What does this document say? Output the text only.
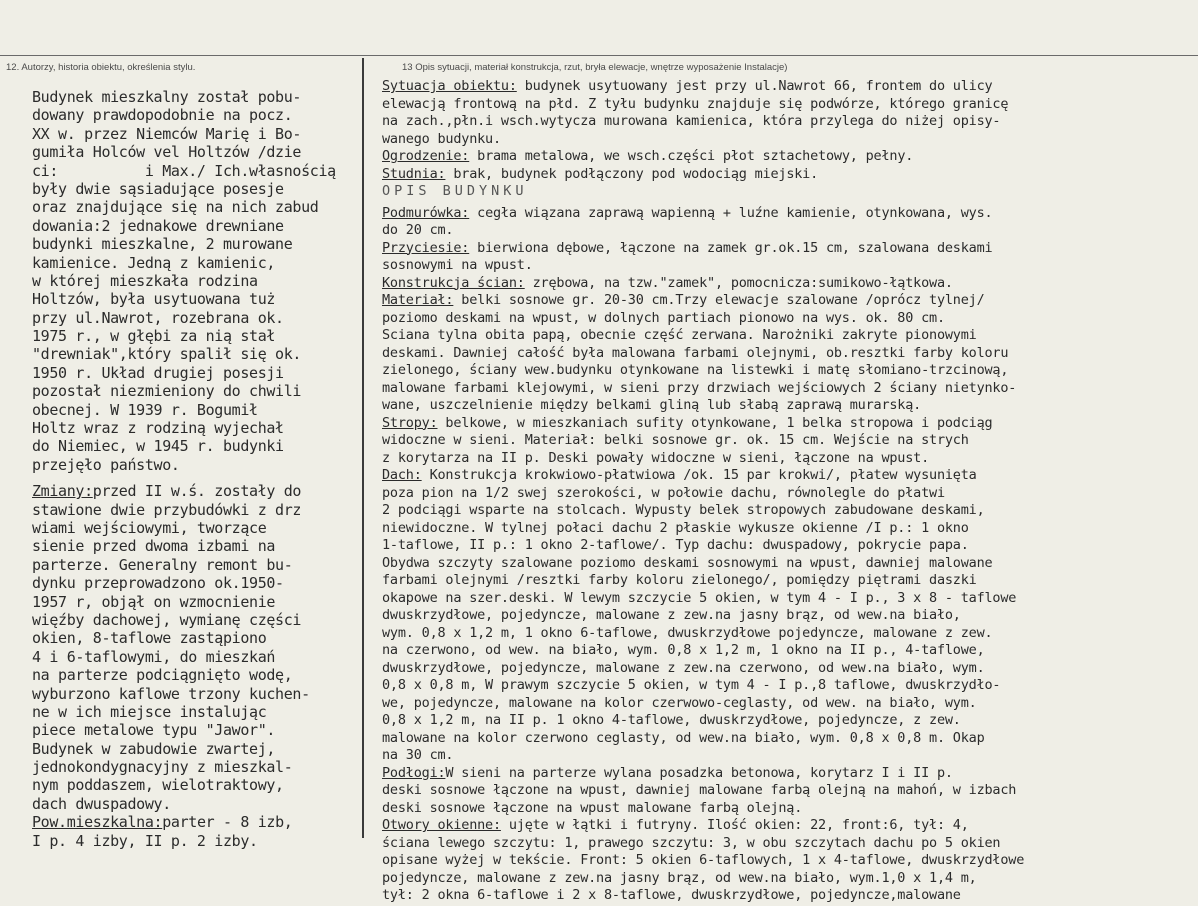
12. Autorzy, historia obiektu, określenia stylu.	13 Opis sytuacji, materiał konstrukcja, rzut, bryła elewacje, wnętrze wyposażenie Instalacje)
Budynek mieszkalny został pobu-
dowany prawdopodobnie na pocz.
XX w. przez Niemców Marię i Bo-
gumiła Holców vel Holtzów /dzie
ci:          i Max./ Ich.własnością
były dwie sąsiadujące posesje
oraz znajdujące się na nich zabud
dowania:2 jednakowe drewniane
budynki mieszkalne, 2 murowane
kamienice. Jedną z kamienic,
w której mieszkała rodzina
Holtzów, była usytuowana tuż
przy ul.Nawrot, rozebrana ok.
1975 r., w głębi za nią stał
"drewniak",który spalił się ok.
1950 r. Układ drugiej posesji
pozostał niezmieniony do chwili
obecnej. W 1939 r. Bogumił
Holtz wraz z rodziną wyjechał
do Niemiec, w 1945 r. budynki
przejęło państwo.
Zmiany:przed II w.ś. zostały do
stawione dwie przybudówki z drz
wiami wejściowymi, tworzące
sienie przed dwoma izbami na
parterze. Generalny remont bu-
dynku przeprowadzono ok.1950-
1957 r, objął on wzmocnienie
więźby dachowej, wymianę części
okien, 8-taflowe zastąpiono
4 i 6-taflowymi, do mieszkań
na parterze podciągnięto wodę,
wyburzono kaflowe trzony kuchen-
ne w ich miejsce instalując
piece metalowe typu "Jawor".
Budynek w zabudowie zwartej,
jednokondygnacyjny z mieszkal-
nym poddaszem, wielotraktowy,
dach dwuspadowy.
Pow.mieszkalna:parter - 8 izb,
I p. 4 izby, II p. 2 izby.
Sytuacja obiektu: budynek usytuowany jest przy ul.Nawrot 66, frontem do ulicy
elewacją frontową na płd. Z tyłu budynku znajduje się podwórze, którego granicę
na zach.,płn.i wsch.wytycza murowana kamienica, która przylega do niżej opisy-
wanego budynku.
Ogrodzenie: brama metalowa, we wsch.części płot sztachetowy, pełny.
Studnia: brak, budynek podłączony pod wodociąg miejski.
OPIS BUDYNKU
Podmurówka: cegła wiązana zaprawą wapienną + luźne kamienie, otynkowana, wys.
do 20 cm.
Przyciesie: bierwiona dębowe, łączone na zamek gr.ok.15 cm, szalowana deskami
sosnowymi na wpust.
Konstrukcja ścian: zrębowa, na tzw."zamek", pomocnicza:sumikowo-łątkowa.
Materiał: belki sosnowe gr. 20-30 cm.Trzy elewacje szalowane /oprócz tylnej/
poziomo deskami na wpust, w dolnych partiach pionowo na wys. ok. 80 cm.
Sciana tylna obita papą, obecnie część zerwana. Narożniki zakryte pionowymi
deskami. Dawniej całość była malowana farbami olejnymi, ob.resztki farby koloru
zielonego, ściany wew.budynku otynkowane na listewki i matę słomiano-trzcinową,
malowane farbami klejowymi, w sieni przy drzwiach wejściowych 2 ściany nietynko-
wane, uszczelnienie między belkami gliną lub słabą zaprawą murarską.
Stropy: belkowe, w mieszkaniach sufity otynkowane, 1 belka stropowa i podciąg
widoczne w sieni. Materiał: belki sosnowe gr. ok. 15 cm. Wejście na strych
z korytarza na II p. Deski powały widoczne w sieni, łączone na wpust.
Dach: Konstrukcja krokwiowo-płatwiowa /ok. 15 par krokwi/, płatew wysunięta
poza pion na 1/2 swej szerokości, w połowie dachu, równolegle do płatwi
2 podciągi wsparte na stolcach. Wypusty belek stropowych zabudowane deskami,
niewidoczne. W tylnej połaci dachu 2 płaskie wykusze okienne /I p.: 1 okno
1-taflowe, II p.: 1 okno 2-taflowe/. Typ dachu: dwuspadowy, pokrycie papa.
Obydwa szczyty szalowane poziomo deskami sosnowymi na wpust, dawniej malowane
farbami olejnymi /resztki farby koloru zielonego/, pomiędzy piętrami daszki
okapowe na szer.deski. W lewym szczycie 5 okien, w tym 4 - I p., 3 x 8 - taflowe
dwuskrzydłowe, pojedyncze, malowane z zew.na jasny brąz, od wew.na biało,
wym. 0,8 x 1,2 m, 1 okno 6-taflowe, dwuskrzydłowe pojedyncze, malowane z zew.
na czerwono, od wew. na biało, wym. 0,8 x 1,2 m, 1 okno na II p., 4-taflowe,
dwuskrzydłowe, pojedyncze, malowane z zew.na czerwono, od wew.na biało, wym.
0,8 x 0,8 m, W prawym szczycie 5 okien, w tym 4 - I p.,8 taflowe, dwuskrzydło-
we, pojedyncze, malowane na kolor czerwowo-ceglasty, od wew. na biało, wym.
0,8 x 1,2 m, na II p. 1 okno 4-taflowe, dwuskrzydłowe, pojedyncze, z zew.
malowane na kolor czerwono ceglasty, od wew.na biało, wym. 0,8 x 0,8 m. Okap
na 30 cm.
Podłogi:W sieni na parterze wylana posadzka betonowa, korytarz I i II p.
deski sosnowe łączone na wpust, dawniej malowane farbą olejną na mahoń, w izbach
deski sosnowe łączone na wpust malowane farbą olejną.
Otwory okienne: ujęte w łątki i futryny. Ilość okien: 22, front:6, tył: 4,
ściana lewego szczytu: 1, prawego szczytu: 3, w obu szczytach dachu po 5 okien
opisane wyżej w tekście. Front: 5 okien 6-taflowych, 1 x 4-taflowe, dwuskrzydłowe
pojedyncze, malowane z zew.na jasny brąz, od wew.na biało, wym.1,0 x 1,4 m,
tył: 2 okna 6-taflowe i 2 x 8-taflowe, dwuskrzydłowe, pojedyncze,malowane
